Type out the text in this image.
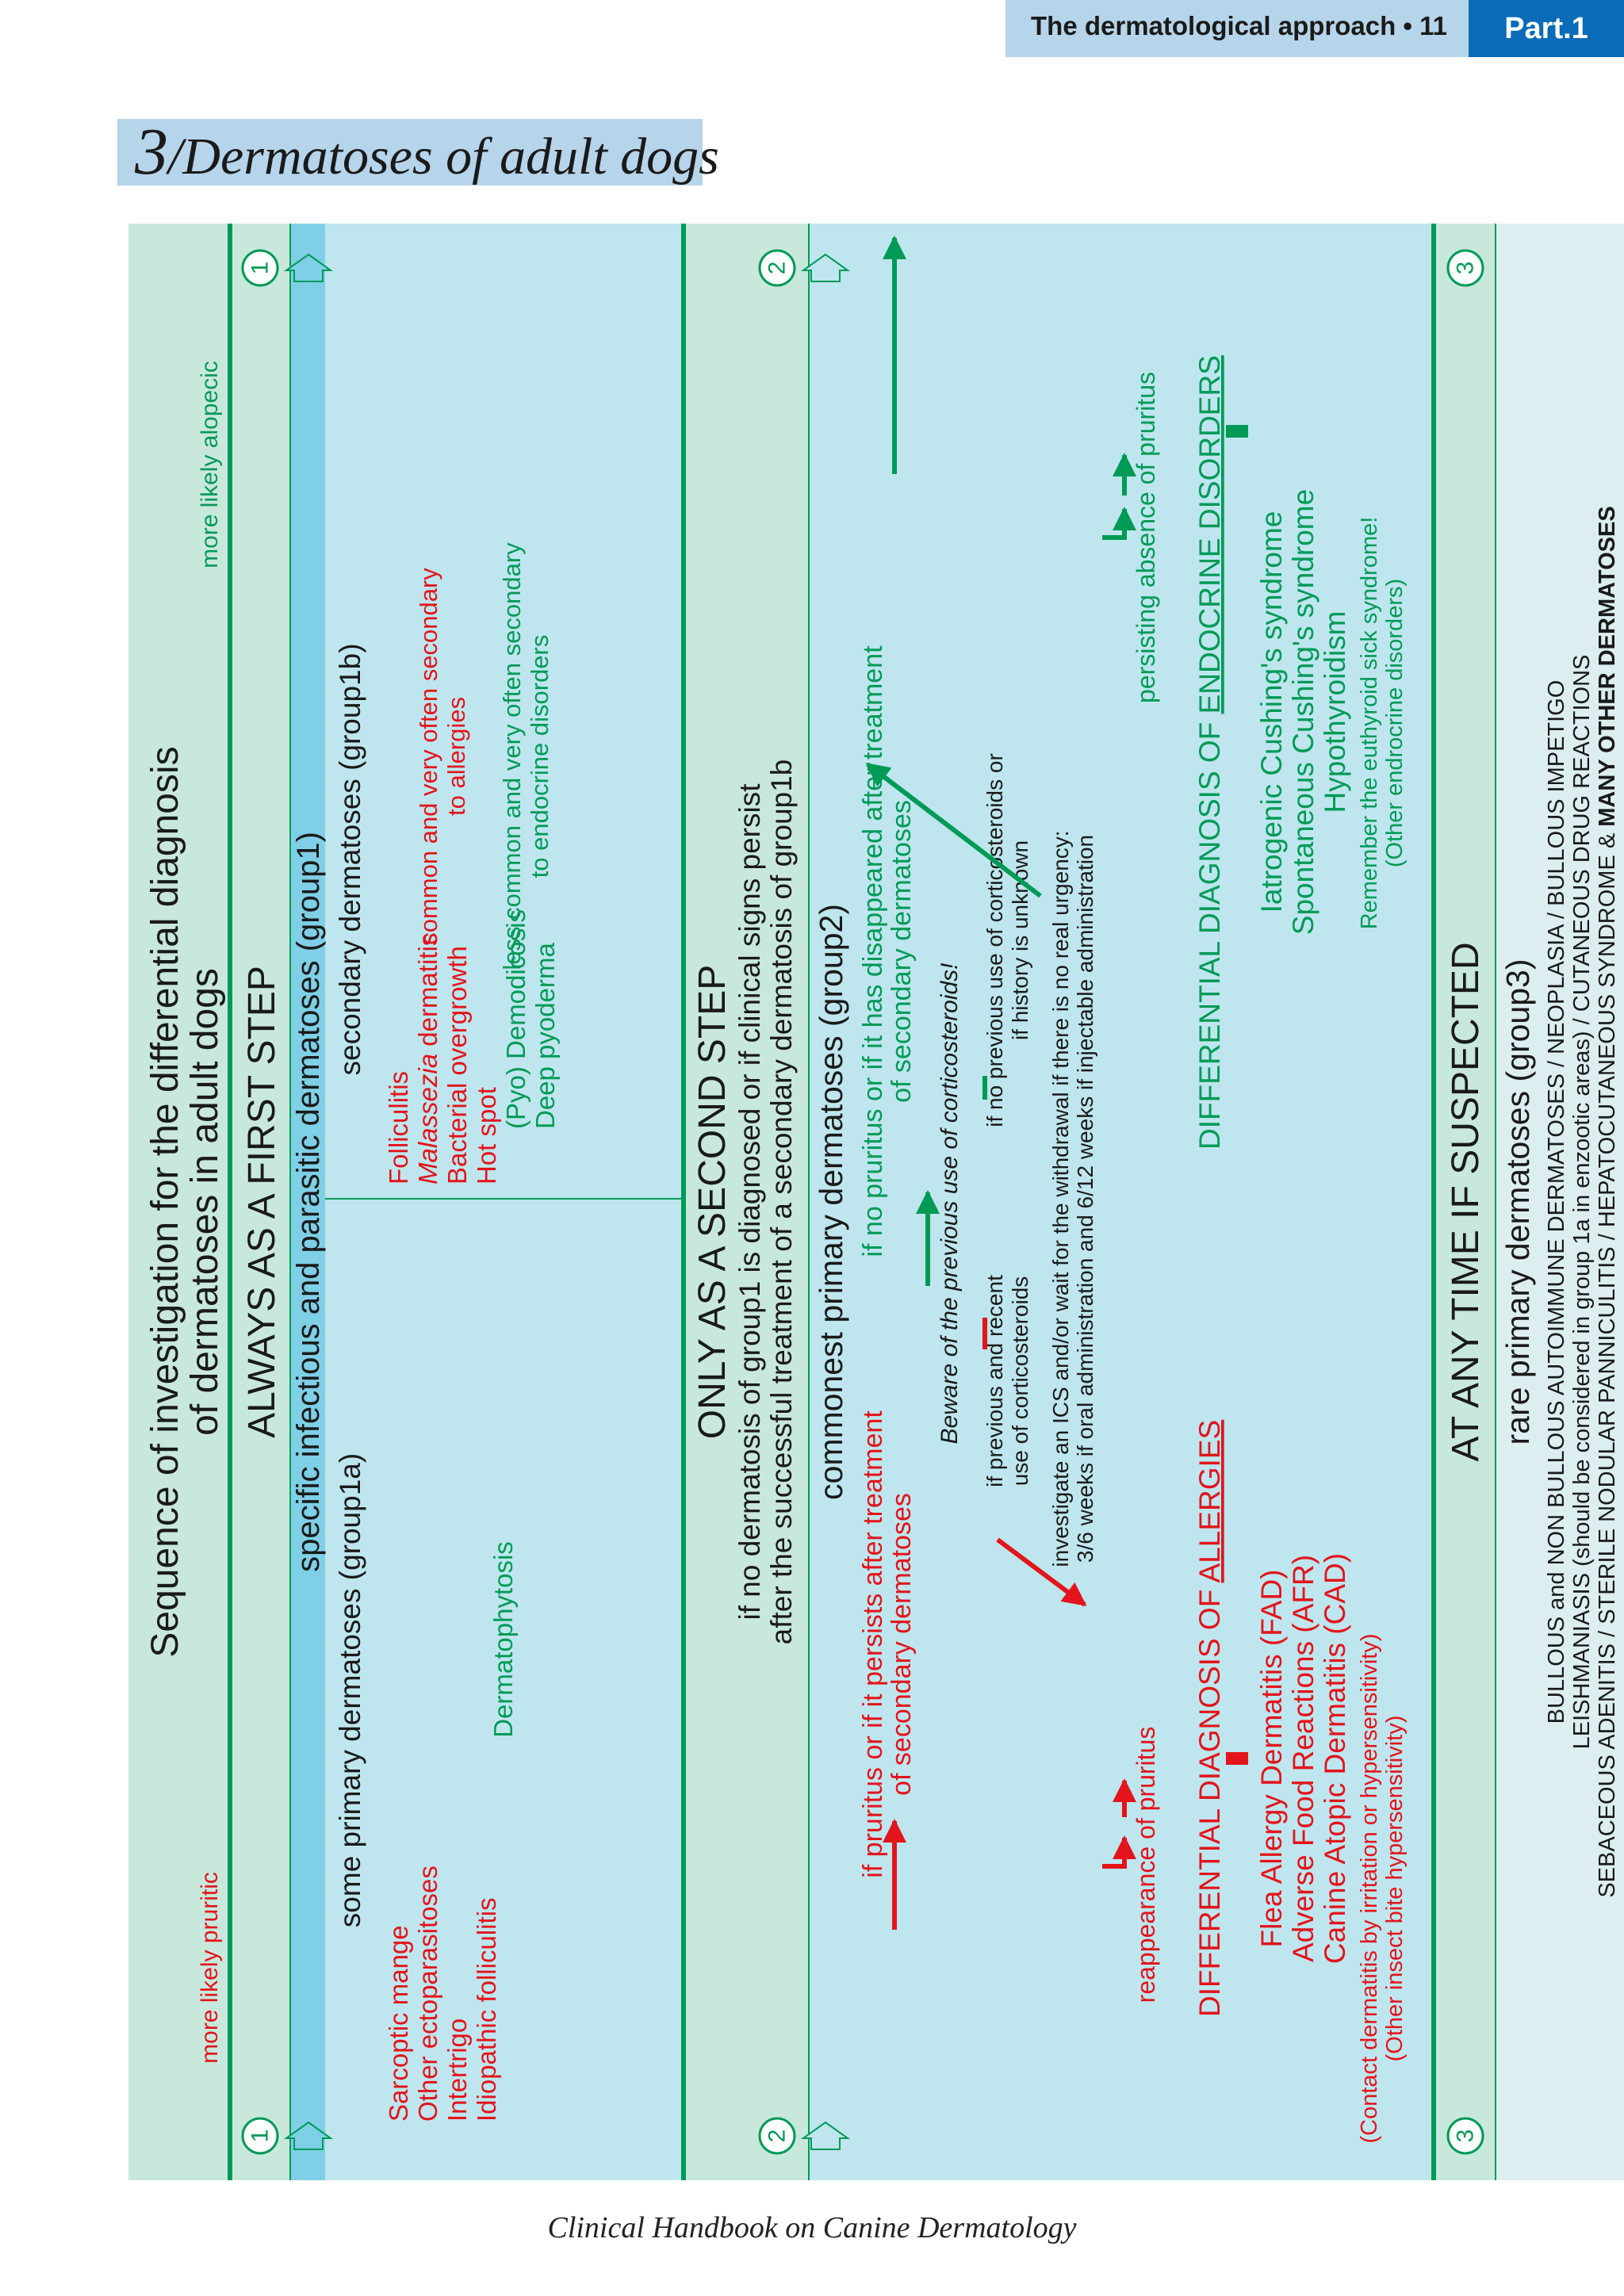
The dermatological approach • 11	Part.1
3/Dermatoses of adult dogs
1
1
2
2
3
3
Sequence of investigation for the differential diagnosis
of dermatoses in adult dogs
more likely pruritic
more likely alopecic
ALWAYS AS A FIRST STEP specific infectious and parasitic dermatoses (group1)
some primary dermatoses (group1a)
Sarcoptic mange Other ectoparasitoses Intertrigo Idiopathic folliculitis
Dermatophytosis
secondary dermatoses (group1b)
Folliculitis Malassezia dermatitis Bacterial overgrowth Hot spot
common and very often secondary to allergies
(Pyo) Demodicosis Deep pyoderma
less common and very often secondary to endocrine disorders
ONLY AS A SECOND STEP if no dermatosis of group1 is diagnosed or if clinical signs persist after the successful treatment of a secondary dermatosis of group1b commonest primary dermatoses (group2)
if pruritus or if it persists after treatment
of secondary dermatoses
if no pruritus or if it has disappeared after treatment
of secondary dermatoses
Beware of the previous use of corticosteroids! if previous and recent use of corticosteroids
if no previous use of corticosteroids or if history is unknown investigate an ICS and/or wait for the withdrawal if there is no real urgency: 3/6 weeks if oral administration and 6/12 weeks if injectable administration
reappearance of pruritus
persisting absence of pruritus
DIFFERENTIAL DIAGNOSIS OF ALLERGIES
DIFFERENTIAL DIAGNOSIS OF ENDOCRINE DISORDERS
Flea Allergy Dermatitis (FAD) Adverse Food Reactions (AFR) Canine Atopic Dermatitis (CAD) (Contact dermatitis by irritation or hypersensitivity) (Other insect bite hypersensitivity)
Iatrogenic Cushing's syndrome Spontaneous Cushing's syndrome Hypothyroidism Remember the euthyroid sick syndrome! (Other endrocrine disorders)
AT ANY TIME IF SUSPECTED rare primary dermatoses (group3) BULLOUS and NON BULLOUS AUTOIMMUNE DERMATOSES / NEOPLASIA / BULLOUS IMPETIGO LEISHMANIASIS (should be considered in group 1a in enzootic areas) / CUTANEOUS DRUG REACTIONS SEBACEOUS ADENITIS / STERILE NODULAR PANNICULITIS / HEPATOCUTANEOUS SYNDROME & MANY OTHER DERMATOSES
Clinical Handbook on Canine Dermatology
